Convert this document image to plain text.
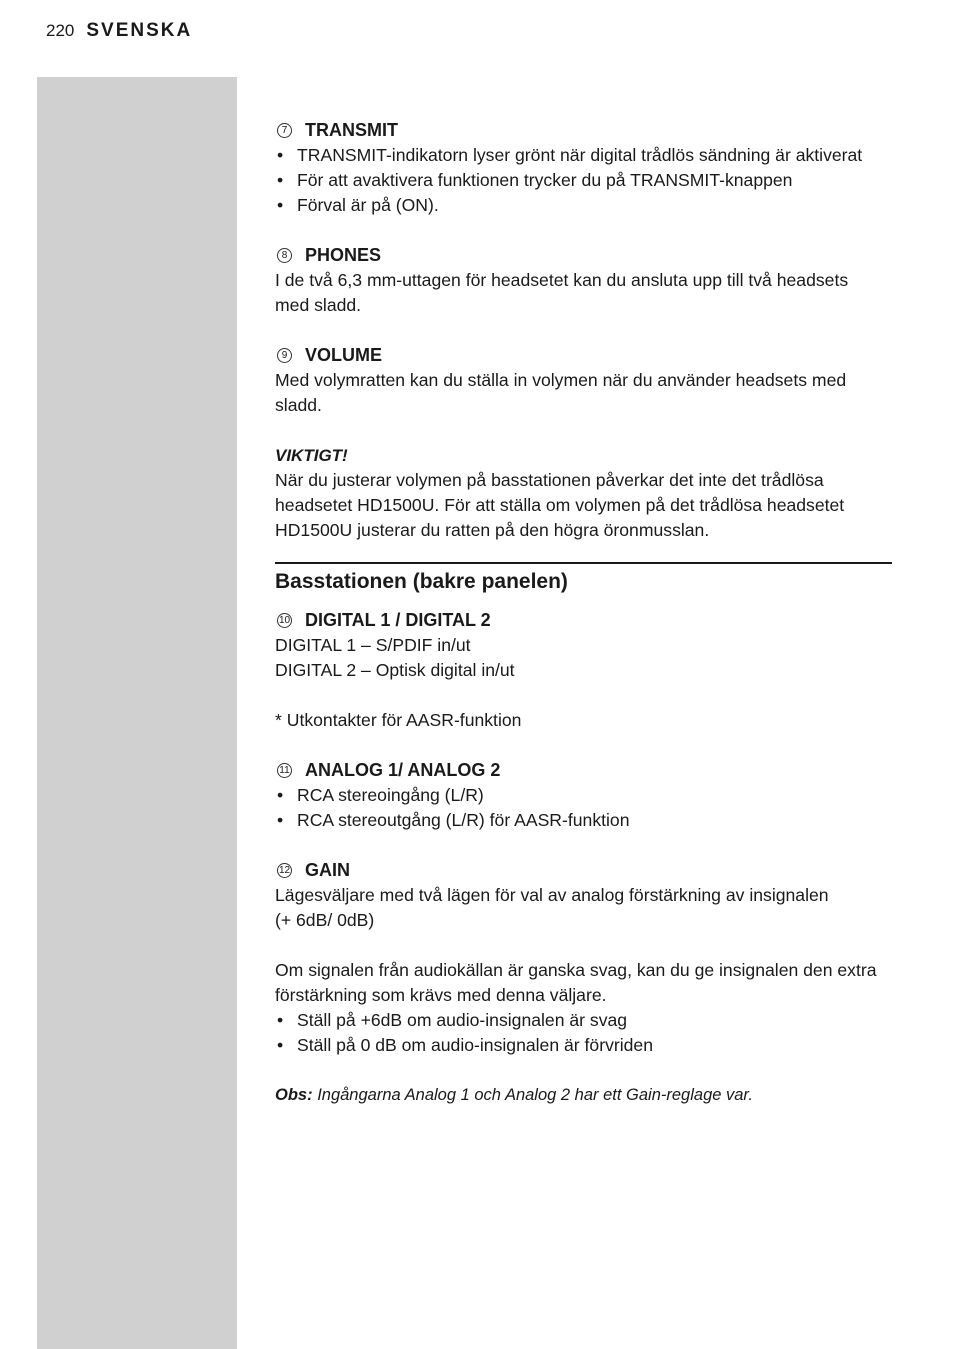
220 SVENSKA
7 TRANSMIT
• TRANSMIT-indikatorn lyser grönt när digital trådlös sändning är aktiverat
• För att avaktivera funktionen trycker du på TRANSMIT-knappen
• Förval är på (ON).
8 PHONES
I de två 6,3 mm-uttagen för headsetet kan du ansluta upp till två headsets
med sladd.
9 VOLUME
Med volymratten kan du ställa in volymen när du använder headsets med
sladd.
VIKTIGT!
När du justerar volymen på basstationen påverkar det inte det trådlösa
headsetet HD1500U. För att ställa om volymen på det trådlösa headsetet
HD1500U justerar du ratten på den högra öronmusslan.
Basstationen (bakre panelen)
10 DIGITAL 1 / DIGITAL 2
DIGITAL 1 – S/PDIF in/ut
DIGITAL 2 – Optisk digital in/ut
* Utkontakter för AASR-funktion
11 ANALOG 1/ ANALOG 2
• RCA stereoingång (L/R)
• RCA stereoutgång (L/R) för AASR-funktion
12 GAIN
Lägesväljare med två lägen för val av analog förstärkning av insignalen
(+ 6dB/ 0dB)
Om signalen från audiokällan är ganska svag, kan du ge insignalen den extra
förstärkning som krävs med denna väljare.
• Ställ på +6dB om audio-insignalen är svag
• Ställ på 0 dB om audio-insignalen är förvriden
Obs: Ingångarna Analog 1 och Analog 2 har ett Gain-reglage var.
